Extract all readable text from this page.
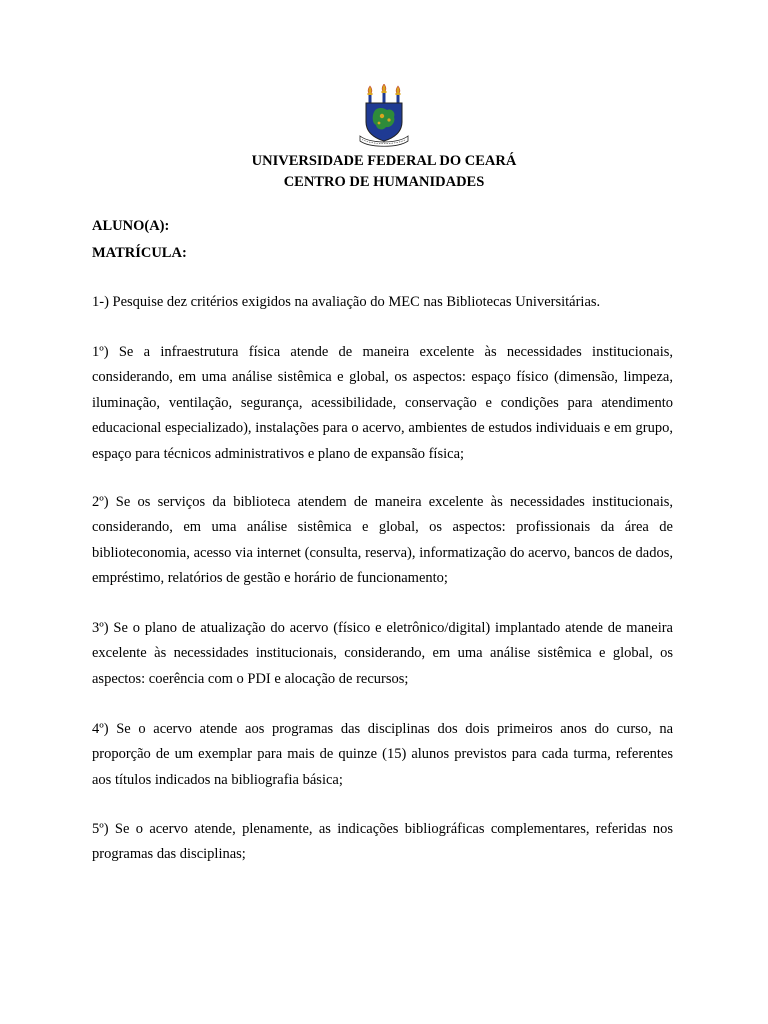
UNIVERSIDADE FEDERAL DO CEARÁ
CENTRO DE HUMANIDADES
ALUNO(A):
MATRÍCULA:

1-) Pesquise dez critérios exigidos na avaliação do MEC nas Bibliotecas Universitárias.

1º) Se a infraestrutura física atende de maneira excelente às necessidades institucionais, considerando, em uma análise sistêmica e global, os aspectos: espaço físico (dimensão, limpeza, iluminação, ventilação, segurança, acessibilidade, conservação e condições para atendimento educacional especializado), instalações para o acervo, ambientes de estudos individuais e em grupo, espaço para técnicos administrativos e plano de expansão física;

2º) Se os serviços da biblioteca atendem de maneira excelente às necessidades institucionais, considerando, em uma análise sistêmica e global, os aspectos: profissionais da área de biblioteconomia, acesso via internet (consulta, reserva), informatização do acervo, bancos de dados, empréstimo, relatórios de gestão e horário de funcionamento;

3º) Se o plano de atualização do acervo (físico e eletrônico/digital) implantado atende de maneira excelente às necessidades institucionais, considerando, em uma análise sistêmica e global, os aspectos: coerência com o PDI e alocação de recursos;

4º) Se o acervo atende aos programas das disciplinas dos dois primeiros anos do curso, na proporção de um exemplar para mais de quinze (15) alunos previstos para cada turma, referentes aos títulos indicados na bibliografia básica;

5º) Se o acervo atende, plenamente, as indicações bibliográficas complementares, referidas nos programas das disciplinas;
